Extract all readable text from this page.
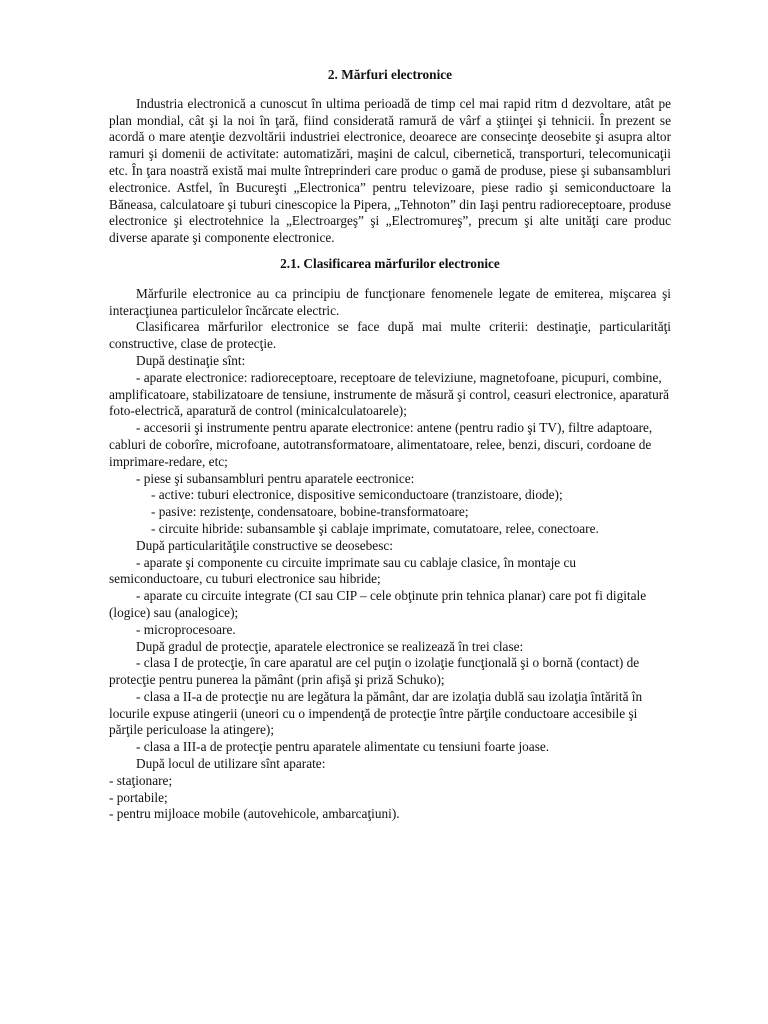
2. Mărfuri electronice

Industria electronică a cunoscut în ultima perioadă de timp cel mai rapid ritm d dezvoltare, atât pe plan mondial, cât şi la noi în ţară, fiind considerată ramură de vârf a ştiinţei şi tehnicii. În prezent se acordă o mare atenţie dezvoltării industriei electronice, deoarece are consecinţe deosebite şi asupra altor ramuri şi domenii de activitate: automatizări, maşini de calcul, cibernetică, transporturi, telecomunicaţii etc. În ţara noastră există mai multe întreprinderi care produc o gamă de produse, piese şi subansambluri electronice. Astfel, în Bucureşti „Electronica” pentru televizoare, piese radio şi semiconductoare la Băneasa, calculatoare şi tuburi cinescopice la Pipera, „Tehnoton” din Iaşi pentru radioreceptoare, produse electronice şi electrotehnice la „Electroargeş” şi „Electromureş”, precum şi alte unităţi care produc diverse aparate şi componente electronice.

2.1. Clasificarea mărfurilor electronice

Mărfurile electronice au ca principiu de funcţionare fenomenele legate de emiterea, mişcarea şi interacţiunea particulelor încărcate electric.

Clasificarea mărfurilor electronice se face după mai multe criterii: destinaţie, particularităţi constructive, clase de protecţie.

După destinaţie sînt:

- aparate electronice: radioreceptoare, receptoare de televiziune, magnetofoane, picupuri, combine, amplificatoare, stabilizatoare de tensiune, instrumente de măsură şi control, ceasuri electronice, aparatură foto-electrică, aparatură de control (minicalculatoarele);

- accesorii şi instrumente pentru aparate electronice: antene (pentru radio şi TV), filtre adaptoare, cabluri de coborîre, microfoane, autotransformatoare, alimentatoare, relee, benzi, discuri, cordoane de imprimare-redare, etc;

- piese şi subansambluri pentru aparatele eectronice:

- active: tuburi electronice, dispositive semiconductoare (tranzistoare, diode);

- pasive: rezistenţe, condensatoare, bobine-transformatoare;

- circuite hibride: subansamble şi cablaje imprimate, comutatoare, relee, conectoare.

După particularităţile constructive se deosebesc:

- aparate şi componente cu circuite imprimate sau cu cablaje clasice, în montaje cu semiconductoare, cu tuburi electronice sau hibride;

- aparate cu circuite integrate (CI sau CIP – cele obţinute prin tehnica planar) care pot fi digitale (logice) sau (analogice);

- microprocesoare.

După gradul de protecţie, aparatele electronice se realizează în trei clase:

- clasa I de protecţie, în care aparatul are cel puţin o izolaţie funcţională şi o bornă (contact) de protecţie pentru punerea la pământ (prin afişă şi priză Schuko);

- clasa a II-a de protecţie nu are legătura la pământ, dar are izolaţia dublă sau izolaţia întărită în locurile expuse atingerii (uneori cu o impendenţă de protecţie între părţile conductoare accesibile şi părţile periculoase la atingere);

- clasa a III-a de protecţie pentru aparatele alimentate cu tensiuni foarte joase.

După locul de utilizare sînt aparate:

- staţionare;

- portabile;

- pentru mijloace mobile (autovehicole, ambarcaţiuni).
